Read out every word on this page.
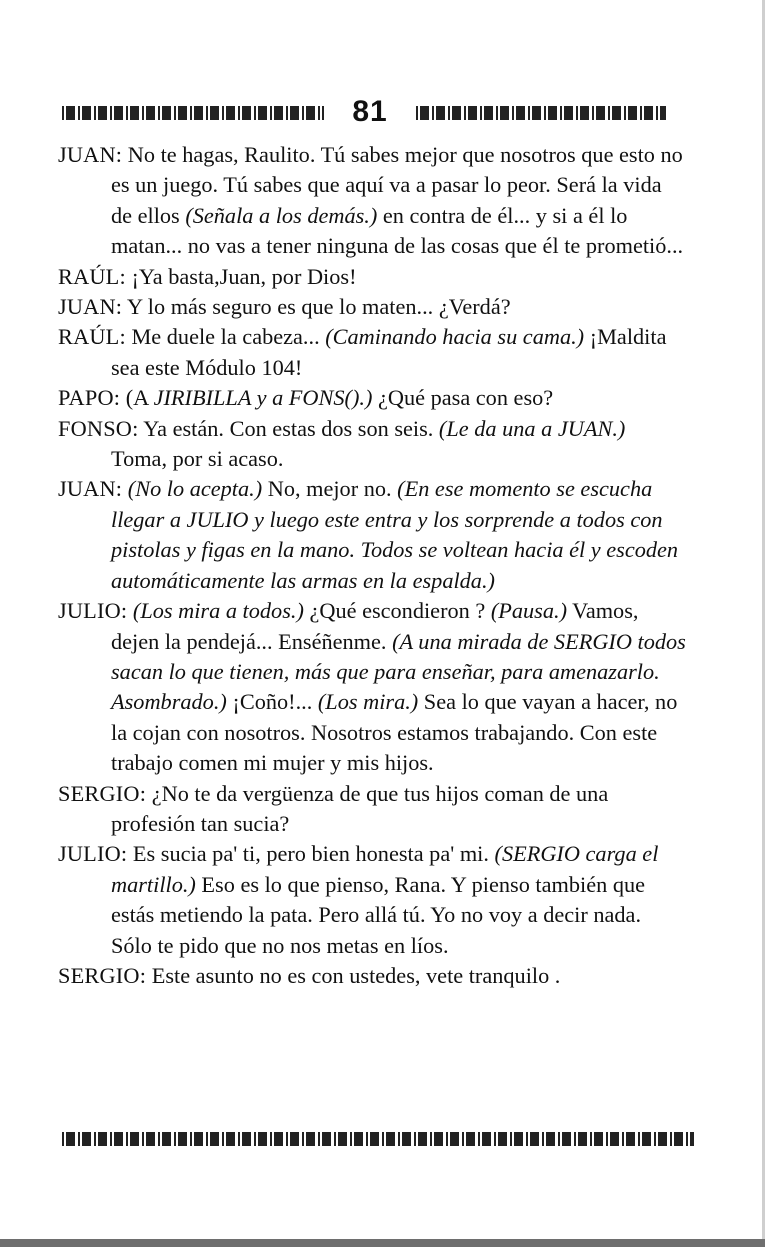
81

JUAN: No te hagas, Raulito. Tú sabes mejor que nosotros que esto no es un juego. Tú sabes que aquí va a pasar lo peor. Será la vida de ellos (Señala a los demás.) en contra de él... y si a él lo matan... no vas a tener ninguna de las cosas que él te prometió...

RAÚL: ¡Ya basta,Juan, por Dios!

JUAN: Y lo más seguro es que lo maten... ¿Verdá?

RAÚL: Me duele la cabeza... (Caminando hacia su cama.) ¡Maldita sea este Módulo 104!

PAPO: (A JIRIBILLA y a FONS().) ¿Qué pasa con eso?

FONSO: Ya están. Con estas dos son seis. (Le da una a JUAN.) Toma, por si acaso.

JUAN: (No lo acepta.) No, mejor no. (En ese momento se escucha llegar a JULIO y luego este entra y los sorprende a todos con pistolas y figas en la mano. Todos se voltean hacia él y escoden automáticamente las armas en la espalda.)

JULIO: (Los mira a todos.) ¿Qué escondieron ? (Pausa.) Vamos, dejen la pendejá... Enséñenme. (A una mirada de SERGIO todos sacan lo que tienen, más que para enseñar, para amenazarlo. Asombrado.) ¡Coño!... (Los mira.) Sea lo que vayan a hacer, no la cojan con nosotros. Nosotros estamos trabajando. Con este trabajo comen mi mujer y mis hijos.

SERGIO: ¿No te da vergüenza de que tus hijos coman de una profesión tan sucia?

JULIO: Es sucia pa' ti, pero bien honesta pa' mi. (SERGIO carga el martillo.) Eso es lo que pienso, Rana. Y pienso también que estás metiendo la pata. Pero allá tú. Yo no voy a decir nada. Sólo te pido que no nos metas en líos.

SERGIO: Este asunto no es con ustedes, vete tranquilo .
